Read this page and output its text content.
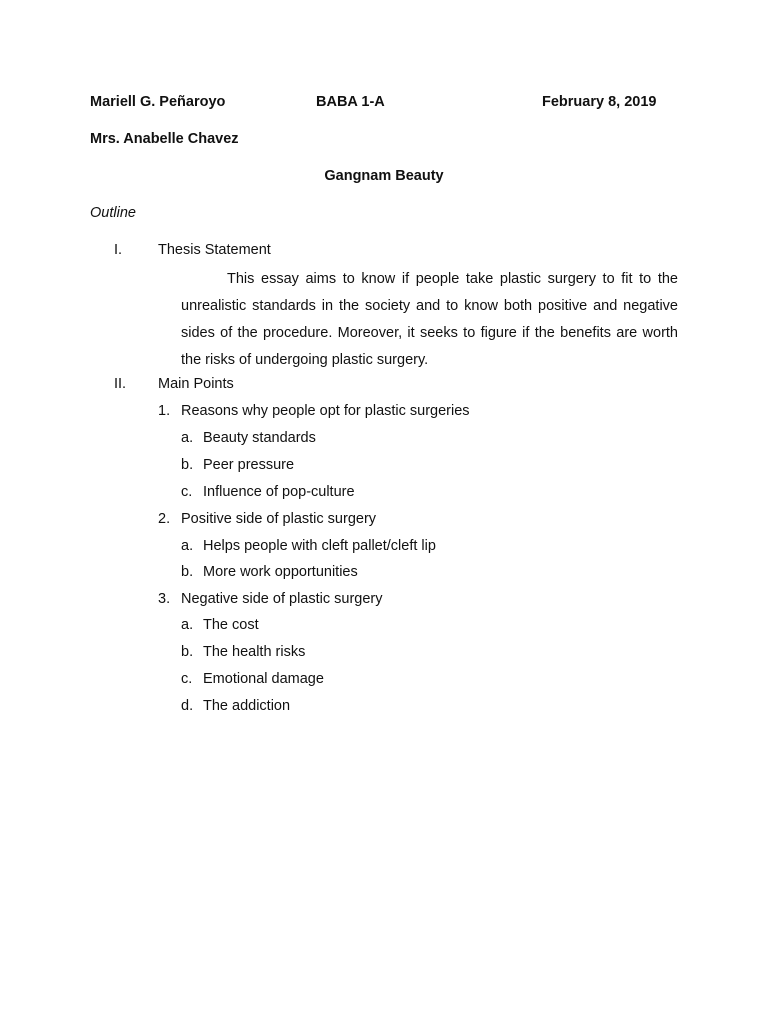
Mariell G. Peñaroyo	BABA 1-A	February 8, 2019
Mrs. Anabelle Chavez
Gangnam Beauty
Outline
I. Thesis Statement
This essay aims to know if people take plastic surgery to fit to the unrealistic standards in the society and to know both positive and negative sides of the procedure. Moreover, it seeks to figure if the benefits are worth the risks of undergoing plastic surgery.
II. Main Points
1. Reasons why people opt for plastic surgeries
a. Beauty standards
b. Peer pressure
c. Influence of pop-culture
2. Positive side of plastic surgery
a. Helps people with cleft pallet/cleft lip
b. More work opportunities
3. Negative side of plastic surgery
a. The cost
b. The health risks
c. Emotional damage
d. The addiction
